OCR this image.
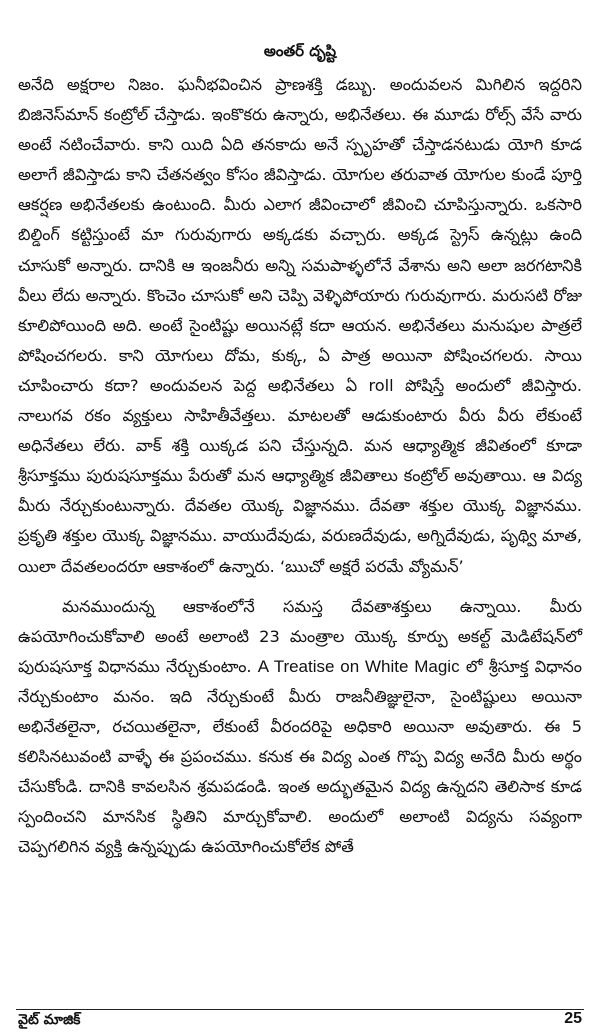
అంతర్ దృష్టి

అనేది అక్షరాల నిజం. ఘనీభవించిన ప్రాణశక్తి డబ్బు. అందువలన మిగిలిన ఇద్దరిని బిజినెస్‌మాన్ కంట్రోల్ చేస్తాడు. ఇంకొకరు ఉన్నారు, అభినేతలు. ఈ మూడు రోల్స్ వేసే వారు అంటే నటించేవారు. కాని యిది ఏది తనకాదు అనే స్పృహతో చేస్తాడనటుడు యోగి కూడ అలాగే జీవిస్తాడు కాని చేతనత్వం కోసం జీవిస్తాడు. యోగుల తరువాత యోగుల కుండే పూర్తి ఆకర్షణ అభినేతలకు ఉంటుంది. మీరు ఎలాగ జీవించాలో జీవించి చూపిస్తున్నారు. ఒకసారి బిల్డింగ్ కట్టిస్తుంటే మా గురువుగారు అక్కడకు వచ్చారు. అక్కడ స్ట్రెస్ ఉన్నట్లు ఉంది చూసుకో అన్నారు. దానికి ఆ ఇంజనీరు అన్ని సమపాళ్ళలోనే వేశాను అని అలా జరగటానికి వీలు లేదు అన్నారు. కొంచెం చూసుకో అని చెప్పి వెళ్ళిపోయారు గురువుగారు. మరుసటి రోజు కూలిపోయింది అది. అంటే సైంటిష్టు అయినట్లే కదా ఆయన. అభినేతలు మనుషుల పాత్రలే పోషించగలరు. కాని యోగులు దోమ, కుక్క, ఏ పాత్ర అయినా పోషించగలరు. సాయి చూపించారు కదా? అందువలన పెద్ద అభినేతలు ఏ roll పోషిస్తే అందులో జీవిస్తారు. నాలుగవ రకం వ్యక్తులు సాహితీవేత్తలు. మాటలతో ఆడుకుంటారు వీరు వీరు లేకుంటే అధినేతలు లేరు. వాక్ శక్తి యిక్కడ పని చేస్తున్నది. మన ఆధ్యాత్మిక జీవితంలో కూడా శ్రీసూక్తము పురుషసూక్తము పేరుతో మన ఆధ్యాత్మిక జీవితాలు కంట్రోల్ అవుతాయి. ఆ విద్య మీరు నేర్చుకుంటున్నారు. దేవతల యొక్క విజ్ఞానము. దేవతా శక్తుల యొక్క విజ్ఞానము. ప్రకృతి శక్తుల యొక్క విజ్ఞానము. వాయుదేవుడు, వరుణదేవుడు, అగ్నిదేవుడు, పృథ్వి మాత, యిలా దేవతలందరూ ఆకాశంలో ఉన్నారు. ‘ఋచో అక్షరే పరమే వ్యోమన్’

మనముందున్న ఆకాశంలోనే సమస్త దేవతాశక్తులు ఉన్నాయి. మీరు ఉపయోగించుకోవాలి అంటే అలాంటి 23 మంత్రాల యొక్క కూర్పు అకల్ట్ మెడిటేషన్‌లో పురుషసూక్త విధానము నేర్చుకుంటాం. A Treatise on White Magic లో శ్రీసూక్త విధానం నేర్చుకుంటాం మనం. ఇది నేర్చుకుంటే మీరు రాజనీతిజ్ఞులైనా, సైంటిష్టులు అయినా అభినేతలైనా, రచయితలైనా, లేకుంటే వీరందరిపై అధికారి అయినా అవుతారు. ఈ 5 కలిసినటువంటి వాళ్ళే ఈ ప్రపంచము. కనుక ఈ విద్య ఎంత గొప్ప విద్య అనేది మీరు అర్థం చేసుకోండి. దానికి కావలసిన శ్రమపడండి. ఇంత అద్భుతమైన విద్య ఉన్నదని తెలిసాక కూడ స్పందించని మానసిక స్థితిని మార్చుకోవాలి. అందులో అలాంటి విద్యను సవ్యంగా చెప్పగలిగిన వ్యక్తి ఉన్నప్పుడు ఉపయోగించుకోలేక పోతే

వైట్ మాజిక్	25
